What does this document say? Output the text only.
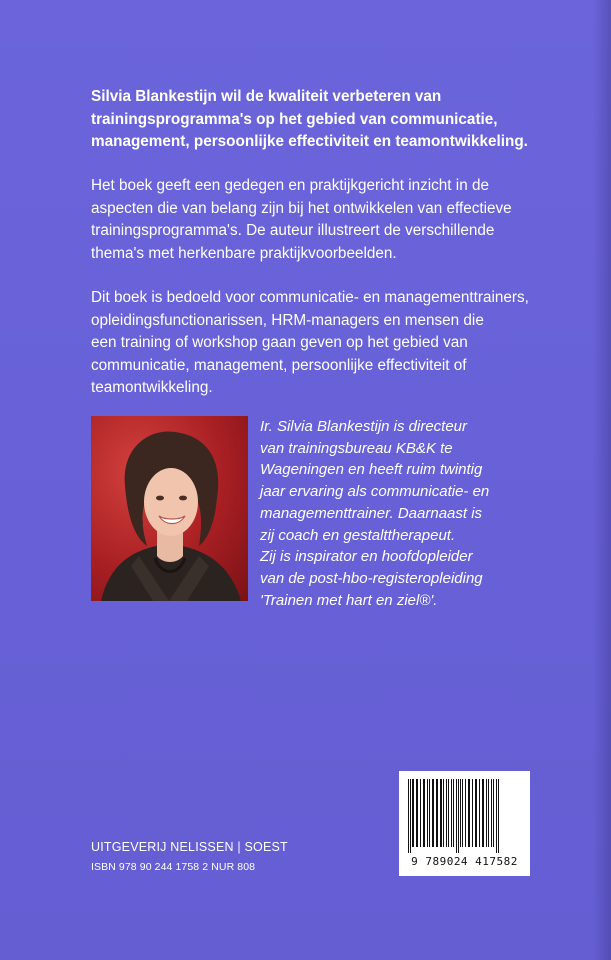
Silvia Blankestijn wil de kwaliteit verbeteren van
trainingsprogramma's op het gebied van communicatie,
management, persoonlijke effectiviteit en teamontwikkeling.

Het boek geeft een gedegen en praktijkgericht inzicht in de
aspecten die van belang zijn bij het ontwikkelen van effectieve
trainingsprogramma's. De auteur illustreert de verschillende
thema's met herkenbare praktijkvoorbeelden.

Dit boek is bedoeld voor communicatie- en managementtrainers,
opleidingsfunctionarissen, HRM-managers en mensen die
een training of workshop gaan geven op het gebied van
communicatie, management, persoonlijke effectiviteit of
teamontwikkeling.

Ir. Silvia Blankestijn is directeur
van trainingsbureau KB&K te
Wageningen en heeft ruim twintig
jaar ervaring als communicatie- en
managementtrainer. Daarnaast is
zij coach en gestalttherapeut.
Zij is inspirator en hoofdopleider
van de post-hbo-registeropleiding
'Trainen met hart en ziel®'.

UITGEVERIJ NELISSEN | SOEST

ISBN 978 90 244 1758 2 NUR 808	9 789024 417582
